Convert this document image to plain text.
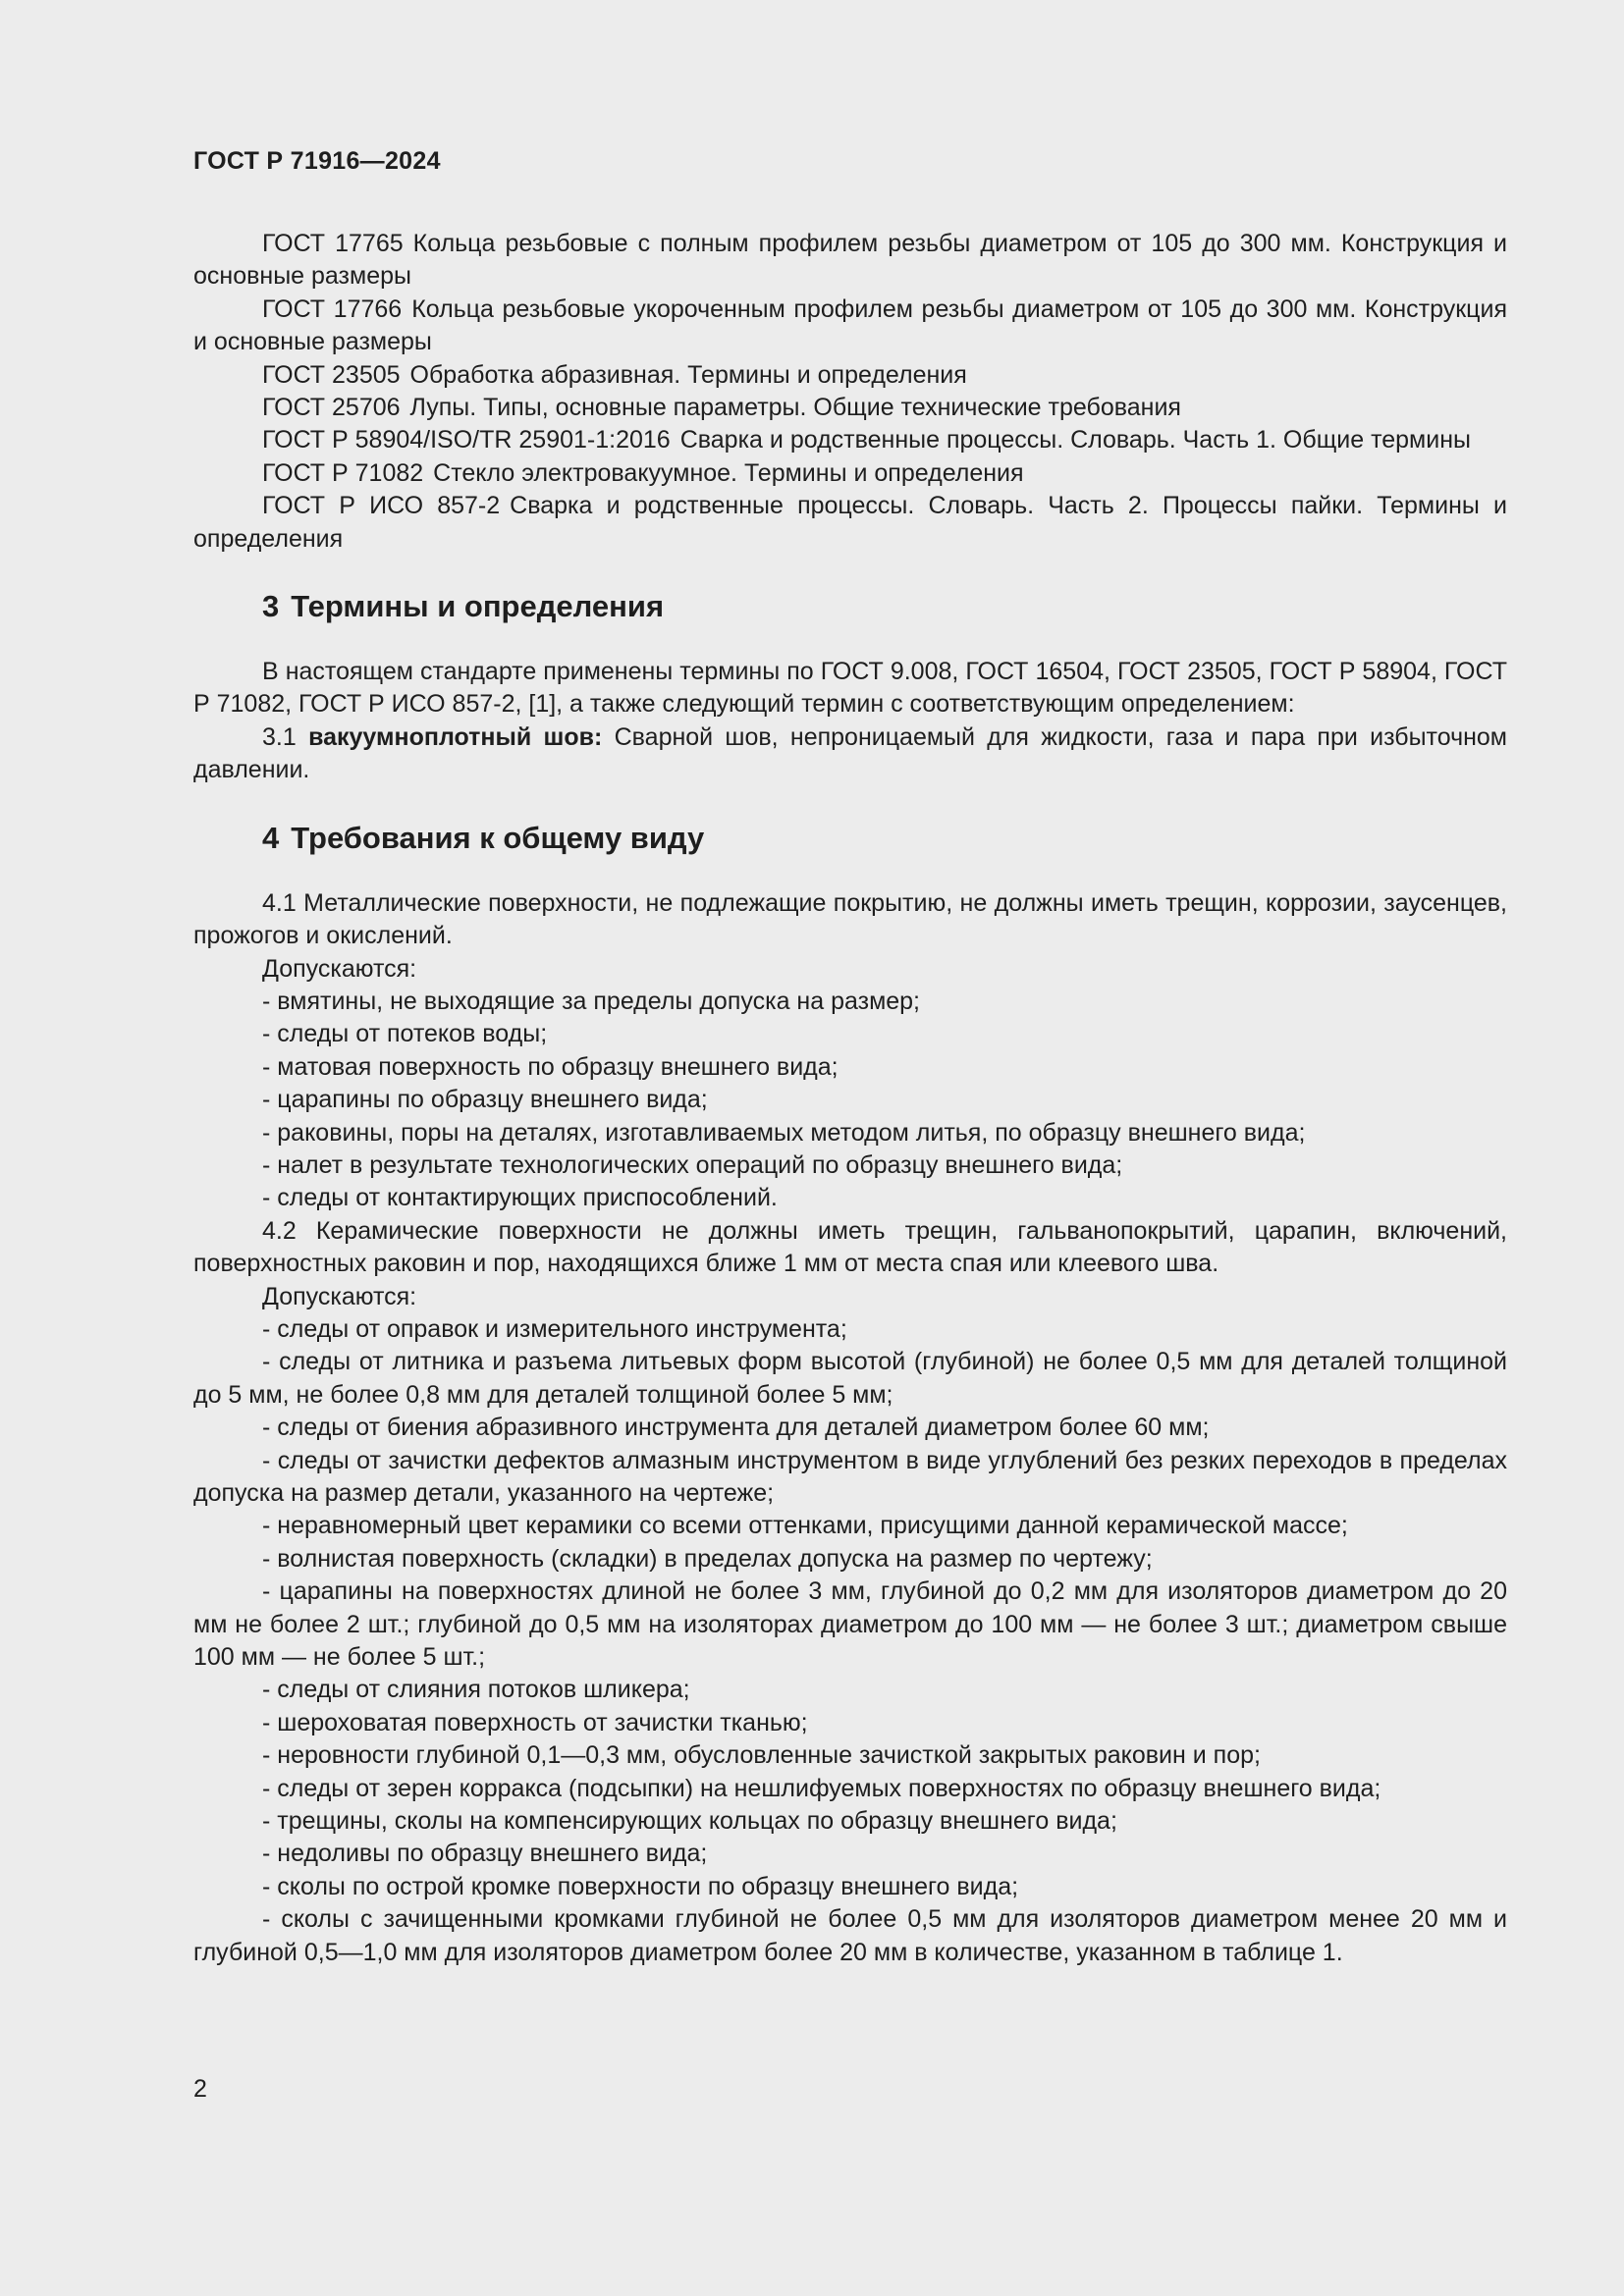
ГОСТ Р 71916—2024

ГОСТ 17765 Кольца резьбовые с полным профилем резьбы диаметром от 105 до 300 мм. Конструкция и основные размеры

ГОСТ 17766 Кольца резьбовые укороченным профилем резьбы диаметром от 105 до 300 мм. Конструкция и основные размеры

ГОСТ 23505 Обработка абразивная. Термины и определения

ГОСТ 25706 Лупы. Типы, основные параметры. Общие технические требования

ГОСТ Р 58904/ISO/TR 25901-1:2016 Сварка и родственные процессы. Словарь. Часть 1. Общие термины

ГОСТ Р 71082 Стекло электровакуумное. Термины и определения

ГОСТ Р ИСО 857-2 Сварка и родственные процессы. Словарь. Часть 2. Процессы пайки. Термины и определения

3 Термины и определения

В настоящем стандарте применены термины по ГОСТ 9.008, ГОСТ 16504, ГОСТ 23505, ГОСТ Р 58904, ГОСТ Р 71082, ГОСТ Р ИСО 857-2, [1], а также следующий термин с соответствующим определением:

3.1 вакуумноплотный шов: Сварной шов, непроницаемый для жидкости, газа и пара при избыточном давлении.

4 Требования к общему виду

4.1 Металлические поверхности, не подлежащие покрытию, не должны иметь трещин, коррозии, заусенцев, прожогов и окислений.

Допускаются:

- вмятины, не выходящие за пределы допуска на размер;

- следы от потеков воды;

- матовая поверхность по образцу внешнего вида;

- царапины по образцу внешнего вида;

- раковины, поры на деталях, изготавливаемых методом литья, по образцу внешнего вида;

- налет в результате технологических операций по образцу внешнего вида;

- следы от контактирующих приспособлений.

4.2 Керамические поверхности не должны иметь трещин, гальванопокрытий, царапин, включений, поверхностных раковин и пор, находящихся ближе 1 мм от места спая или клеевого шва.

Допускаются:

- следы от оправок и измерительного инструмента;

- следы от литника и разъема литьевых форм высотой (глубиной) не более 0,5 мм для деталей толщиной до 5 мм, не более 0,8 мм для деталей толщиной более 5 мм;

- следы от биения абразивного инструмента для деталей диаметром более 60 мм;

- следы от зачистки дефектов алмазным инструментом в виде углублений без резких переходов в пределах допуска на размер детали, указанного на чертеже;

- неравномерный цвет керамики со всеми оттенками, присущими данной керамической массе;

- волнистая поверхность (складки) в пределах допуска на размер по чертежу;

- царапины на поверхностях длиной не более 3 мм, глубиной до 0,2 мм для изоляторов диаметром до 20 мм не более 2 шт.; глубиной до 0,5 мм на изоляторах диаметром до 100 мм — не более 3 шт.; диаметром свыше 100 мм — не более 5 шт.;

- следы от слияния потоков шликера;

- шероховатая поверхность от зачистки тканью;

- неровности глубиной 0,1—0,3 мм, обусловленные зачисткой закрытых раковин и пор;

- следы от зерен корракса (подсыпки) на нешлифуемых поверхностях по образцу внешнего вида;

- трещины, сколы на компенсирующих кольцах по образцу внешнего вида;

- недоливы по образцу внешнего вида;

- сколы по острой кромке поверхности по образцу внешнего вида;

- сколы с зачищенными кромками глубиной не более 0,5 мм для изоляторов диаметром менее 20 мм и глубиной 0,5—1,0 мм для изоляторов диаметром более 20 мм в количестве, указанном в таблице 1.

2
